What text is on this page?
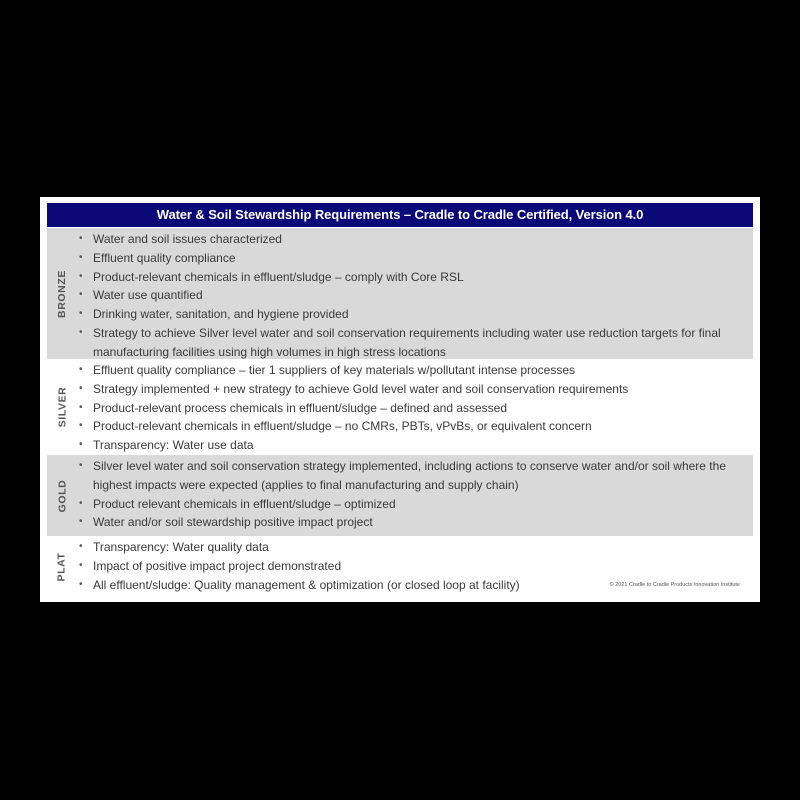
Water & Soil Stewardship Requirements – Cradle to Cradle Certified, Version 4.0
BRONZE
• Water and soil issues characterized
• Effluent quality compliance
• Product-relevant chemicals in effluent/sludge – comply with Core RSL
• Water use quantified
• Drinking water, sanitation, and hygiene provided
• Strategy to achieve Silver level water and soil conservation requirements including water use reduction targets for final manufacturing facilities using high volumes in high stress locations
SILVER
• Effluent quality compliance – tier 1 suppliers of key materials w/pollutant intense processes
• Strategy implemented + new strategy to achieve Gold level water and soil conservation requirements
• Product-relevant process chemicals in effluent/sludge – defined and assessed
• Product-relevant chemicals in effluent/sludge – no CMRs, PBTs, vPvBs, or equivalent concern
• Transparency: Water use data
GOLD
• Silver level water and soil conservation strategy implemented, including actions to conserve water and/or soil where the highest impacts were expected (applies to final manufacturing and supply chain)
• Product relevant chemicals in effluent/sludge – optimized
• Water and/or soil stewardship positive impact project
PLAT
• Transparency: Water quality data
• Impact of positive impact project demonstrated
• All effluent/sludge: Quality management & optimization (or closed loop at facility)	© 2021 Cradle to Cradle Products Innovation Institute
